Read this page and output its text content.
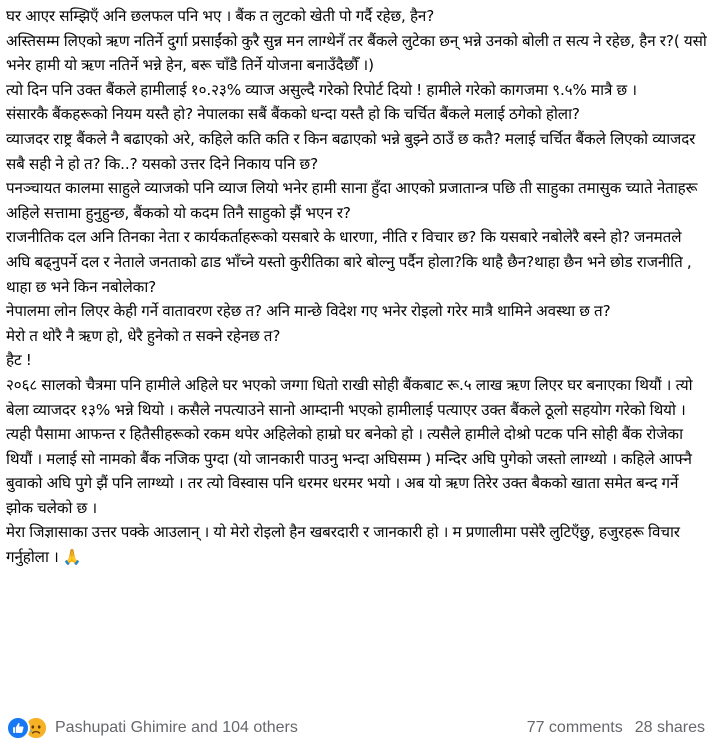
घर आएर सम्झिएँ अनि छलफल पनि भए । बैंक त लुटको खेती पो गर्दै रहेछ, हैन?

अस्तिसम्म लिएको ऋण नतिर्ने दुर्गा प्रसाईंको कुरै सुन्न मन लाग्थेनँ तर बैंकले लुटेका छन् भन्ने उनको बोली त सत्य ने रहेछ, हैन र?( यसो भनेर हामी यो ऋण नतिर्ने भन्ने हेन, बरू चाँडै तिर्ने योजना बनाउँदैछौँ ।)

त्यो दिन पनि उक्त बैंकले हामीलाई १०.२३% व्याज असुल्दै गरेको रिपोर्ट दियो ! हामीले गरेको कागजमा ९.५% मात्रै छ ।

संसारकै बैंकहरूको नियम यस्तै हो? नेपालका सबैं बैंकको धन्दा यस्तै हो कि चर्चित बैंकले मलाई ठगेको होला?

व्याजदर राष्ट्र बैंकले नै बढाएको अरे, कहिले कति कति र किन बढाएको भन्ने बुझ्ने ठाउँ छ कतै? मलाई चर्चित बैंकले लिएको व्याजदर सबै सही ने हो त? कि..? यसको उत्तर दिने निकाय पनि छ?

पनञ्चायत कालमा साहुले व्याजको पनि व्याज लियो भनेर हामी साना हुँदा आएको प्रजातान्त्र पछि ती साहुका तमासुक च्याते नेताहरू अहिले सत्तामा हुनुहुन्छ, बैंकको यो कदम तिनै साहुको झैं भएन र?

राजनीतिक दल अनि तिनका नेता र कार्यकर्ताहरूको यसबारे के धारणा, नीति र विचार छ? कि यसबारे नबोलेरै बस्ने हो? जनमतले अघि बढ्नुपर्ने दल र नेताले जनताको ढाड भाँच्ने यस्तो कुरीतिका बारे बोल्नु पर्दैन होला?कि थाहै छैन?थाहा छैन भने छोड राजनीति , थाहा छ भने किन नबोलेका?

नेपालमा लोन लिएर केही गर्ने वातावरण रहेछ त? अनि मान्छे विदेश गए भनेर रोइलो गरेर मात्रै थामिने अवस्था छ त?

मेरो त थोरै नै ऋण हो, धेरै हुनेको त सक्ने रहेनछ त?

हैट !

२०६८ सालको चैत्रमा पनि हामीले अहिले घर भएको जग्गा धितो राखी सोही बैंकबाट रू.५ लाख ऋण लिएर घर बनाएका थियौं । त्यो बेला व्याजदर १३% भन्ने थियो । कसैले नपत्याउने सानो आम्दानी भएको हामीलाई पत्याएर उक्त बैंकले ठूलो सहयोग गरेको थियो । त्यही पैसामा आफन्त र हितैसीहरूको रकम थपेर अहिलेको हाम्रो घर बनेको हो । त्यसैले हामीले दोश्रो पटक पनि सोही बैंक रोजेका थियौं । मलाई सो नामको बैंक नजिक पुग्दा (यो जानकारी पाउनु भन्दा अघिसम्म ) मन्दिर अघि पुगेको जस्तो लाग्थ्यो । कहिले आफ्नै बुवाको अघि पुगे झैं पनि लाग्थ्यो । तर त्यो विस्वास पनि धरमर धरमर भयो । अब यो ऋण तिरेर उक्त बैकको खाता समेत बन्द गर्ने झोक चलेको छ ।

मेरा जिज्ञासाका उत्तर पक्के आउलान् । यो मेरो रोइलो हैन खबरदारी र जानकारी हो । म प्रणालीमा पसेरै लुटिएँछु, हजुरहरू विचार गर्नुहोला । 🙏

Pashupati Ghimire and 104 others	77 comments 28 shares
